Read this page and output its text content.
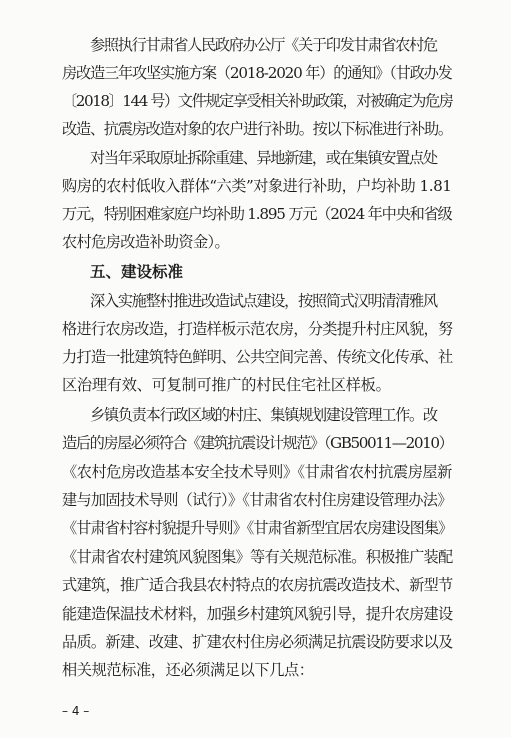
参照执行甘肃省人民政府办公厅《关于印发甘肃省农村危
房改造三年攻坚实施方案（2018-2020 年）的通知》（甘政办发
〔2018〕144 号）文件规定享受相关补助政策，对被确定为危房
改造、抗震房改造对象的农户进行补助。按以下标准进行补助。
对当年采取原址拆除重建、异地新建，或在集镇安置点处
购房的农村低收入群体“六类”对象进行补助，户均补助 1.81
万元，特别困难家庭户均补助 1.895 万元（2024 年中央和省级
农村危房改造补助资金）。
五、建设标准
深入实施整村推进改造试点建设，按照简式汉明清清雅风
格进行农房改造，打造样板示范农房，分类提升村庄风貌，努
力打造一批建筑特色鲜明、公共空间完善、传统文化传承、社
区治理有效、可复制可推广的村民住宅社区样板。
乡镇负责本行政区域的村庄、集镇规划建设管理工作。改
造后的房屋必须符合《建筑抗震设计规范》（GB50011—2010）
《农村危房改造基本安全技术导则》《甘肃省农村抗震房屋新
建与加固技术导则（试行）》《甘肃省农村住房建设管理办法》
《甘肃省村容村貌提升导则》《甘肃省新型宜居农房建设图集》
《甘肃省农村建筑风貌图集》等有关规范标准。积极推广装配
式建筑，推广适合我县农村特点的农房抗震改造技术、新型节
能建造保温技术材料，加强乡村建筑风貌引导，提升农房建设
品质。新建、改建、扩建农村住房必须满足抗震设防要求以及
相关规范标准，还必须满足以下几点：
– 4 –
